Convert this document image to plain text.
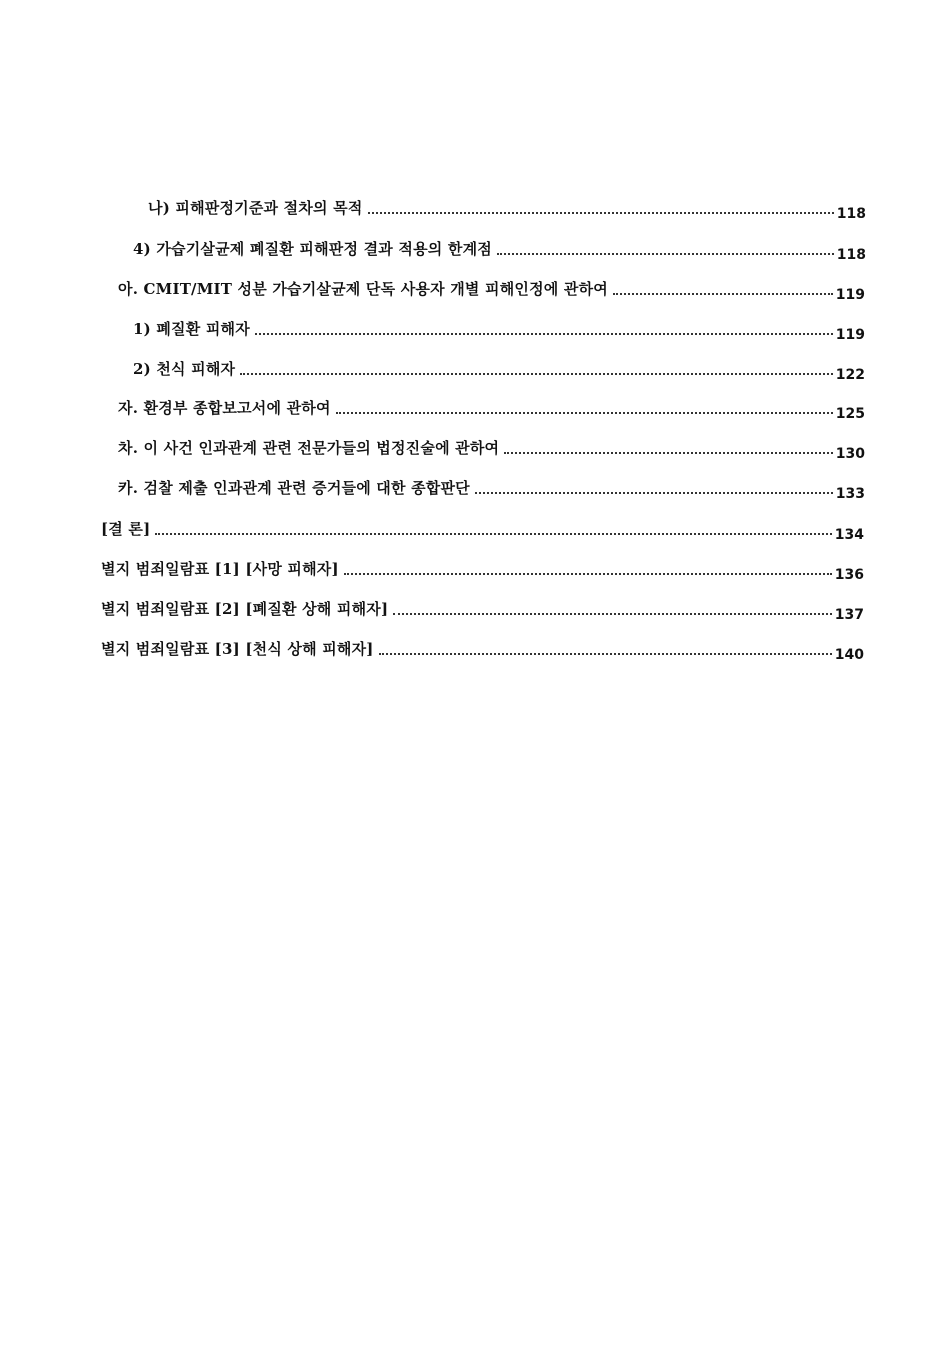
나) 피해판정기준과 절차의 목적	118
4) 가습기살균제 폐질환 피해판정 결과 적용의 한계점	118
아. CMIT/MIT 성분 가습기살균제 단독 사용자 개별 피해인정에 관하여	119
1) 폐질환 피해자	119
2) 천식 피해자	122
자. 환경부 종합보고서에 관하여	125
차. 이 사건 인과관계 관련 전문가들의 법정진술에 관하여	130
카. 검찰 제출 인과관계 관련 증거들에 대한 종합판단	133
[결 론]	134
별지 범죄일람표 [1] [사망 피해자]	136
별지 범죄일람표 [2] [폐질환 상해 피해자]	137
별지 범죄일람표 [3] [천식 상해 피해자]	140
